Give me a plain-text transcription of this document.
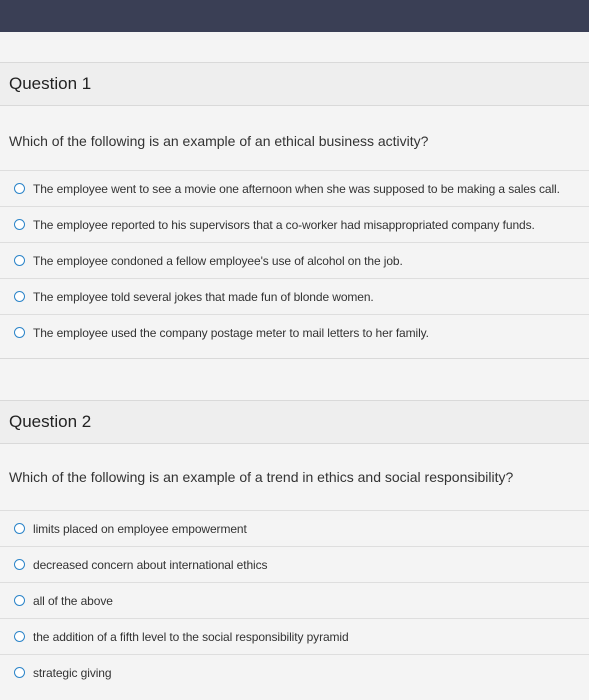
Question 1
Which of the following is an example of an ethical business activity?
The employee went to see a movie one afternoon when she was supposed to be making a sales call.
The employee reported to his supervisors that a co-worker had misappropriated company funds.
The employee condoned a fellow employee's use of alcohol on the job.
The employee told several jokes that made fun of blonde women.
The employee used the company postage meter to mail letters to her family.
Question 2
Which of the following is an example of a trend in ethics and social responsibility?
limits placed on employee empowerment
decreased concern about international ethics
all of the above
the addition of a fifth level to the social responsibility pyramid
strategic giving
